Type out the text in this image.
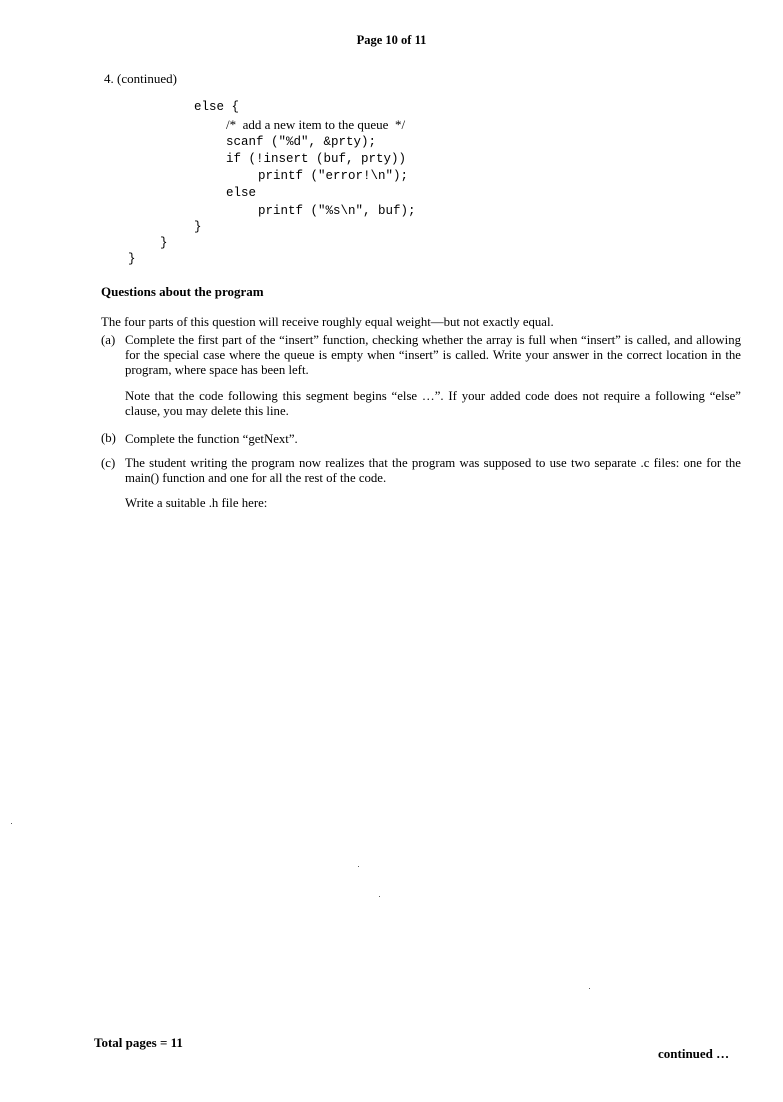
Page 10 of 11
4. (continued)
else {
/*  add a new item to the queue  */
scanf ("%d", &prty);
if (!insert (buf, prty))
printf ("error!\n");
else
printf ("%s\n", buf);
}
}
}
Questions about the program
The four parts of this question will receive roughly equal weight—but not exactly equal.
(a) Complete the first part of the “insert” function, checking whether the array is full when “insert” is called, and allowing for the special case where the queue is empty when “insert” is called. Write your answer in the correct location in the program, where space has been left.
Note that the code following this segment begins “else …”. If your added code does not require a following “else” clause, you may delete this line.
(b) Complete the function “getNext”.
(c) The student writing the program now realizes that the program was supposed to use two separate .c files: one for the main() function and one for all the rest of the code.
Write a suitable .h file here:
Total pages = 11
continued …
